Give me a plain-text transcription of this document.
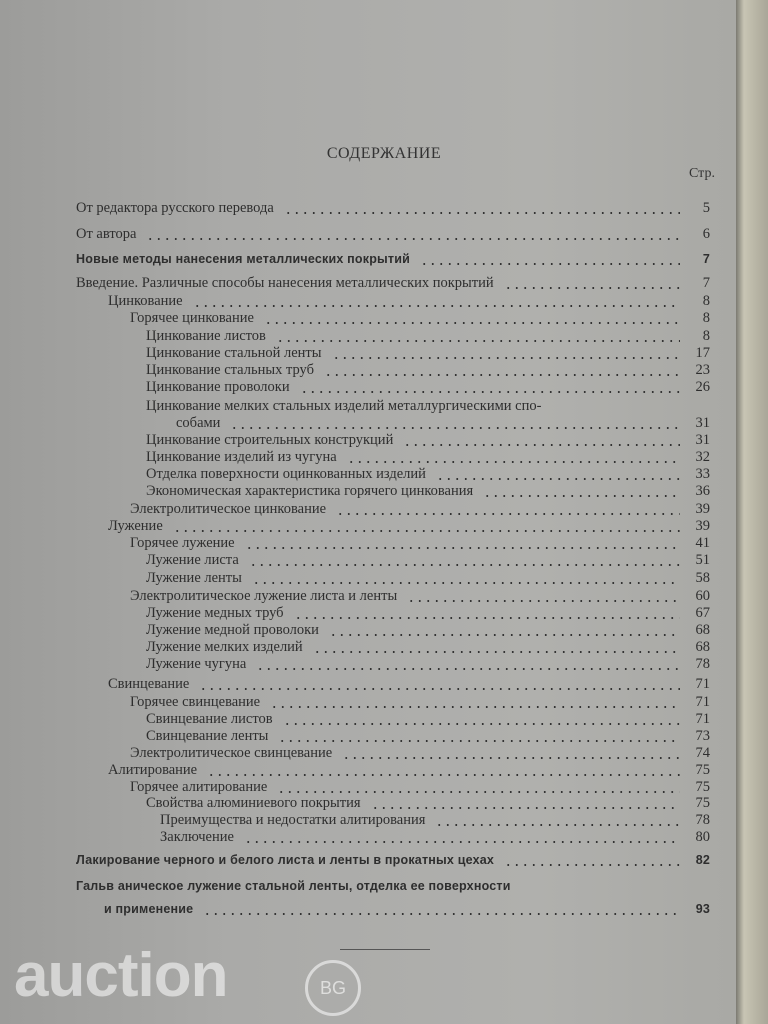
СОДЕРЖАНИЕ
Стр.
От редактора русского перевода	5
От автора	6
Новые методы нанесения металлических покрытий	7
Введение. Различные способы нанесения металлических покрытий	7
Цинкование	8
Горячее цинкование	8
Цинкование листов	8
Цинкование стальной ленты	17
Цинкование стальных труб	23
Цинкование проволоки	26
Цинкование мелких стальных изделий металлургическими спо-
собами	31
Цинкование строительных конструкций	31
Цинкование изделий из чугуна	32
Отделка поверхности оцинкованных изделий	33
Экономическая характеристика горячего цинкования	36
Электролитическое цинкование	39
Лужение	39
Горячее лужение	41
Лужение листа	51
Лужение ленты	58
Электролитическое лужение листа и ленты	60
Лужение медных труб	67
Лужение медной проволоки	68
Лужение мелких изделий	68
Лужение чугуна	78
Свинцевание	71
Горячее свинцевание	71
Свинцевание листов	71
Свинцевание ленты	73
Электролитическое свинцевание	74
Алитирование	75
Горячее алитирование	75
Свойства алюминиевого покрытия	75
Преимущества и недостатки алитирования	78
Заключение	80
Лакирование черного и белого листа и ленты в прокатных цехах	82
Гальв аническое лужение стальной ленты, отделка ее поверхности
и применение	93
auction	BG
